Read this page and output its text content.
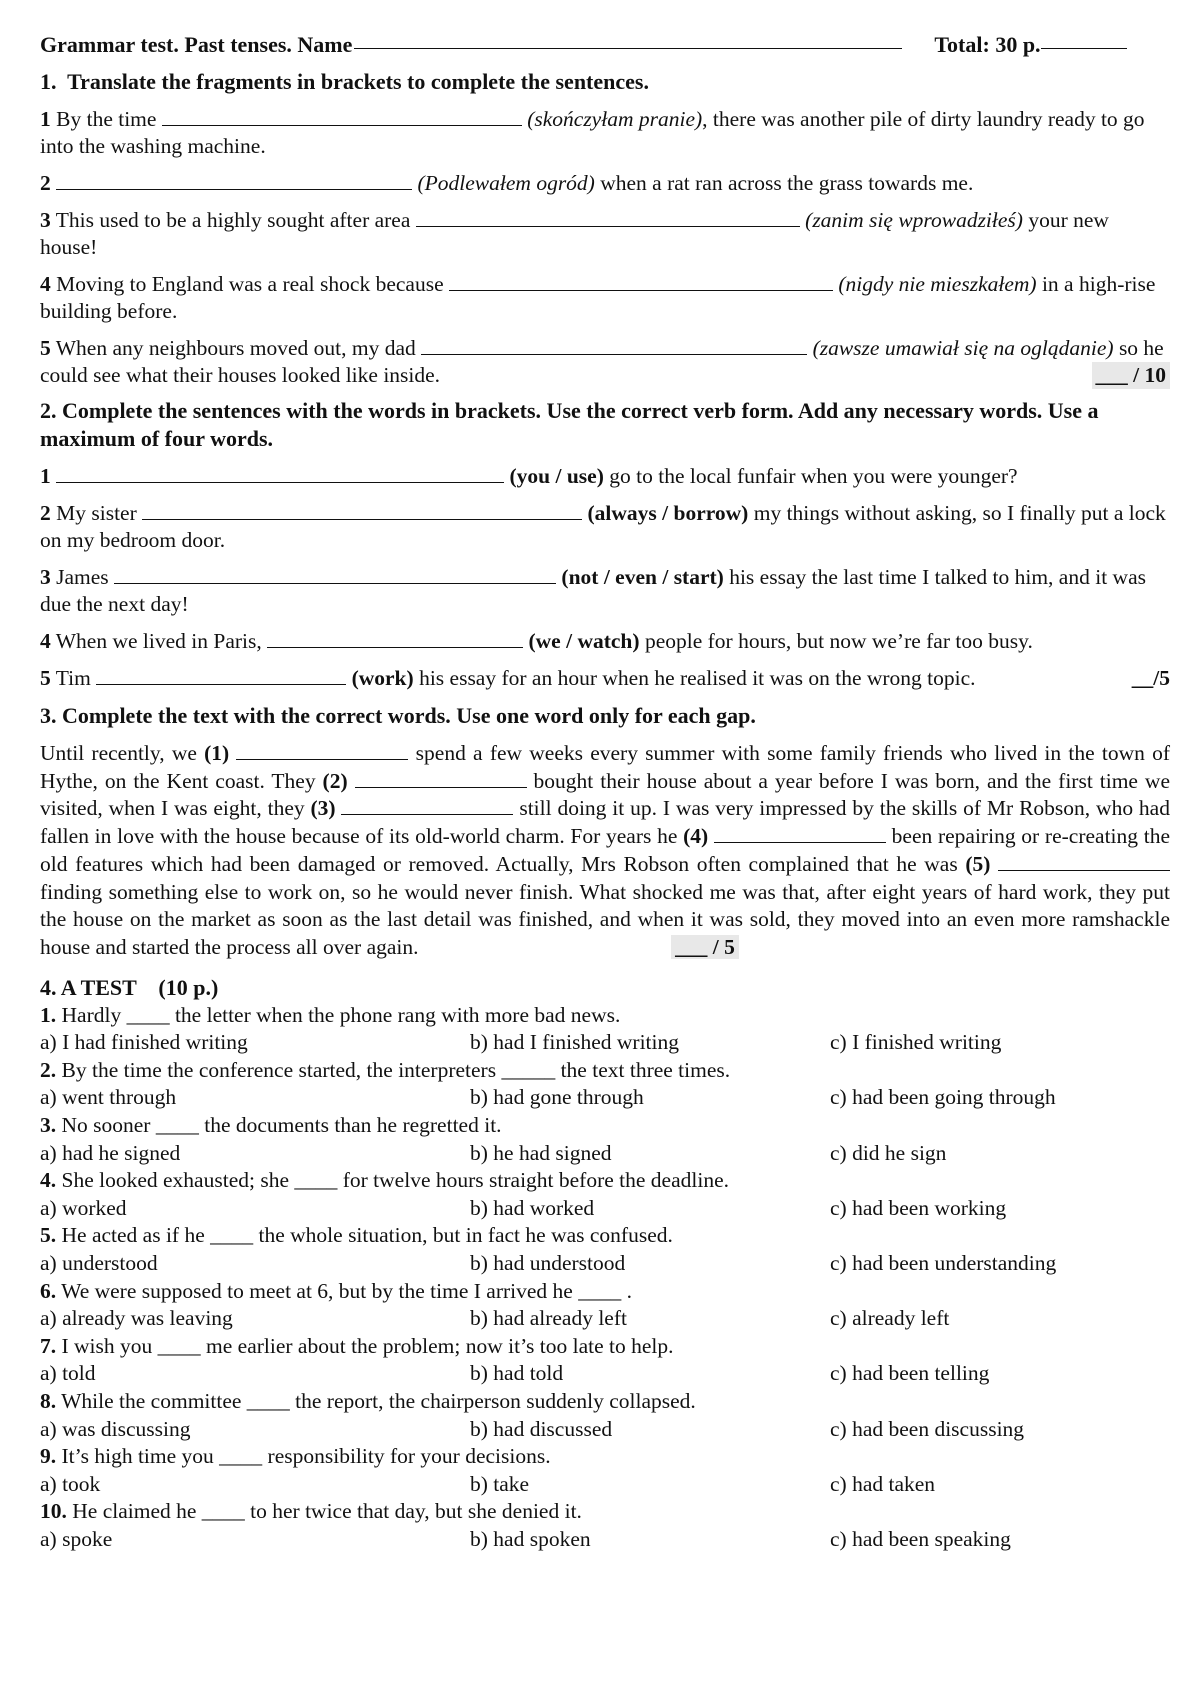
Grammar test. Past tenses. Name	Total: 30 p.
1. Translate the fragments in brackets to complete the sentences.
1 By the time	(skończyłam pranie), there was another pile of dirty laundry ready to go into the washing machine.
2	(Podlewałem ogród) when a rat ran across the grass towards me.
3 This used to be a highly sought after area	(zanim się wprowadziłeś) your new house!
4 Moving to England was a real shock because	(nigdy nie mieszkałem) in a high-rise building before.
5 When any neighbours moved out, my dad	(zawsze umawiał się na oglądanie) so he could see what their houses looked like inside.	___ / 10
2. Complete the sentences with the words in brackets. Use the correct verb form. Add any necessary words. Use a maximum of four words.
1	(you / use) go to the local funfair when you were younger?
2 My sister	(always / borrow) my things without asking, so I finally put a lock on my bedroom door.
3 James	(not / even / start) his essay the last time I talked to him, and it was due the next day!
4 When we lived in Paris,	(we / watch) people for hours, but now we’re far too busy.
5 Tim	(work) his essay for an hour when he realised it was on the wrong topic.	__/5
3. Complete the text with the correct words. Use one word only for each gap.
Until recently, we (1)	spend a few weeks every summer with some family friends who lived in the town of Hythe, on the Kent coast. They (2)	bought their house about a year before I was born, and the first time we visited, when I was eight, they (3)	still doing it up. I was very impressed by the skills of Mr Robson, who had fallen in love with the house because of its old-world charm. For years he (4)	been repairing or re-creating the old features which had been damaged or removed. Actually, Mrs Robson often complained that he was (5)  finding something else to work on, so he would never finish. What shocked me was that, after eight years of hard work, they put the house on the market as soon as the last detail was finished, and when it was sold, they moved into an even more ramshackle house and started the process all over again.	___ / 5
4. A TEST (10 p.)
1. Hardly ____ the letter when the phone rang with more bad news.
a) I had finished writing	b) had I finished writing	c) I finished writing
2. By the time the conference started, the interpreters _____ the text three times.
a) went through	b) had gone through	c) had been going through
3. No sooner ____ the documents than he regretted it.
a) had he signed	b) he had signed	c) did he sign
4. She looked exhausted; she ____ for twelve hours straight before the deadline.
a) worked	b) had worked	c) had been working
5. He acted as if he ____ the whole situation, but in fact he was confused.
a) understood	b) had understood	c) had been understanding
6. We were supposed to meet at 6, but by the time I arrived he ____ .
a) already was leaving	b) had already left	c) already left
7. I wish you ____ me earlier about the problem; now it’s too late to help.
a) told	b) had told	c) had been telling
8. While the committee ____ the report, the chairperson suddenly collapsed.
a) was discussing	b) had discussed	c) had been discussing
9. It’s high time you ____ responsibility for your decisions.
a) took	b) take	c) had taken
10. He claimed he ____ to her twice that day, but she denied it.
a) spoke	b) had spoken	c) had been speaking
